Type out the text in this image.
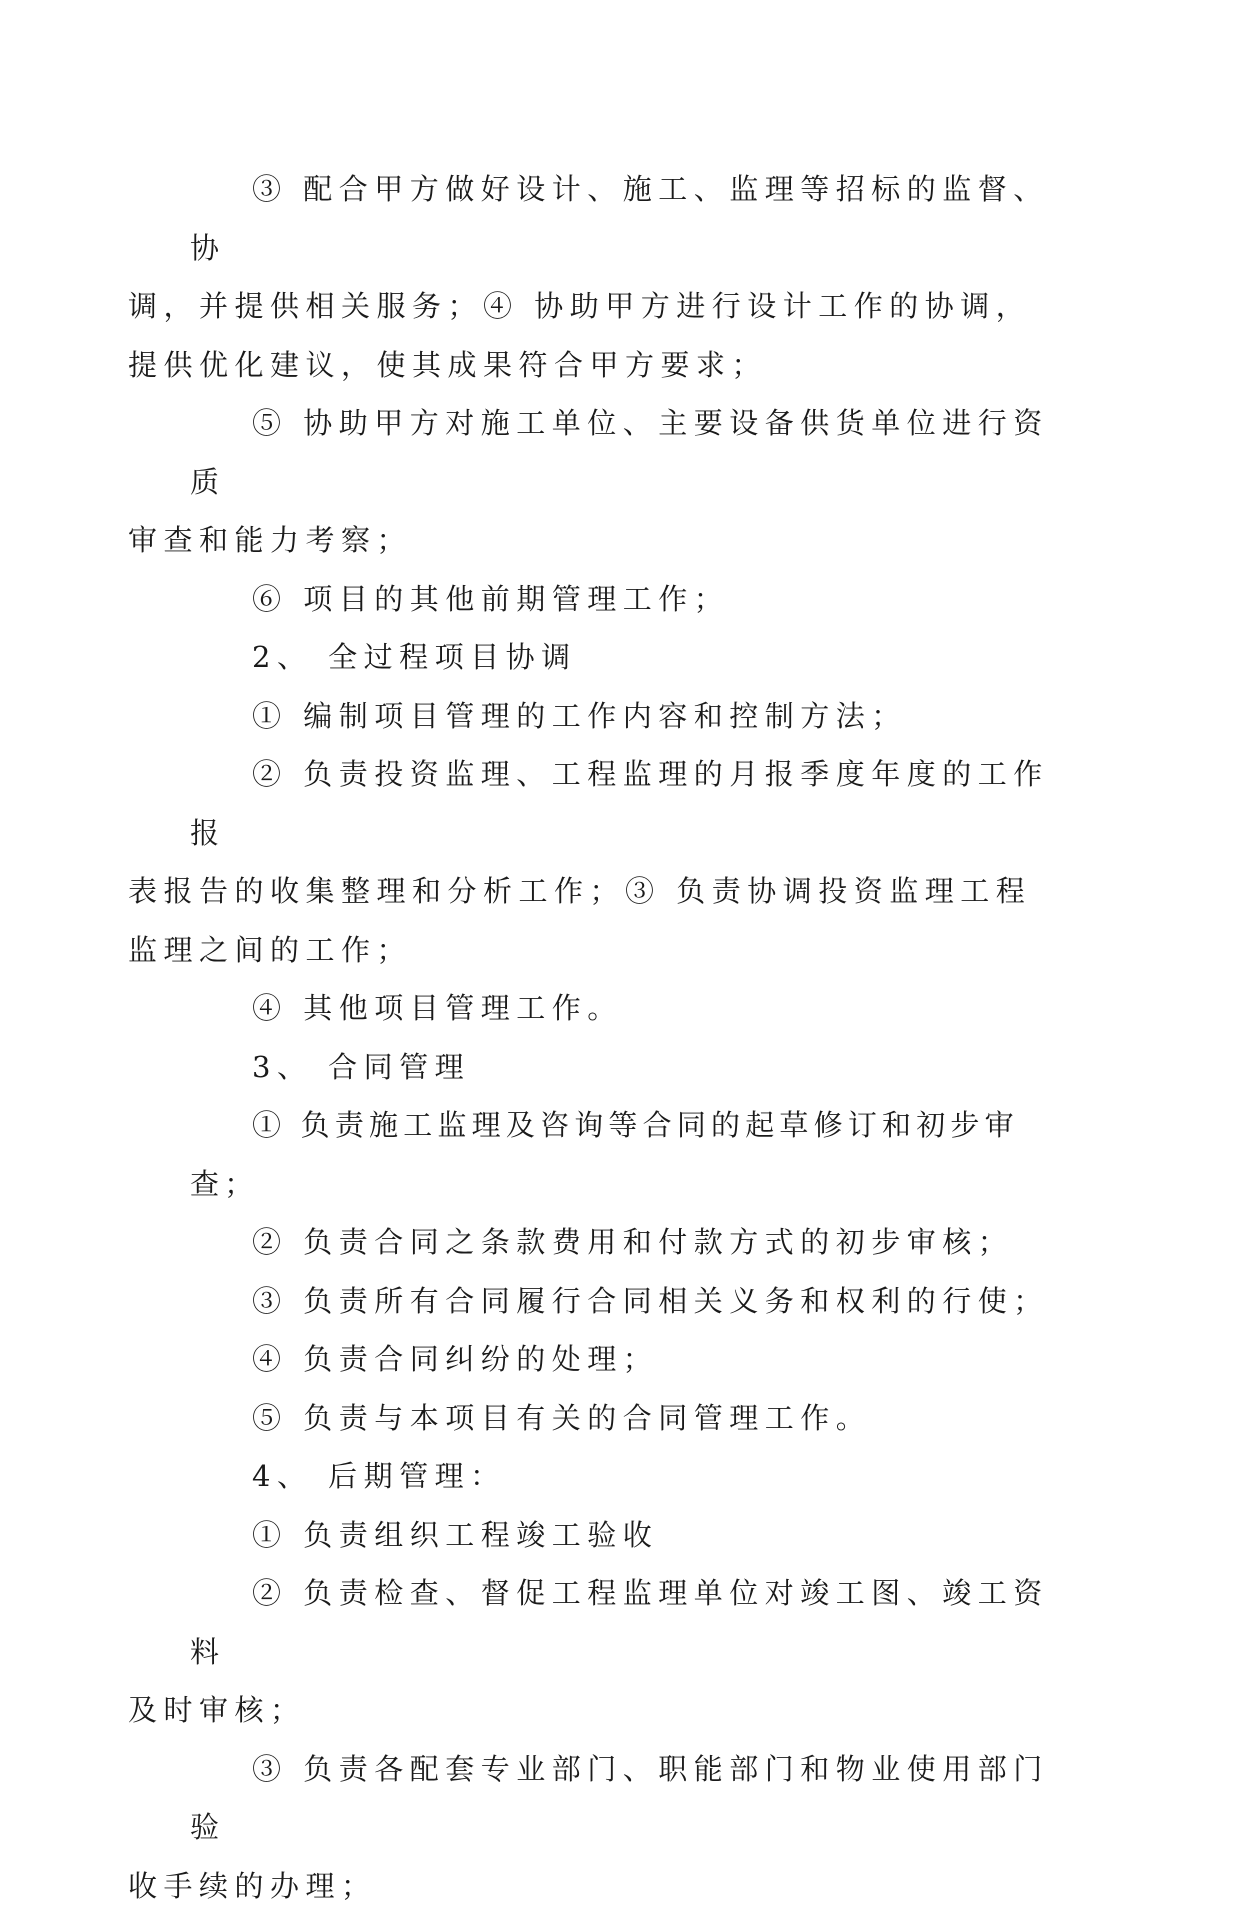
③ 配合甲方做好设计、施工、监理等招标的监督、协
调，并提供相关服务；④ 协助甲方进行设计工作的协调，
提供优化建议，使其成果符合甲方要求；

⑤ 协助甲方对施工单位、主要设备供货单位进行资质
审查和能力考察；

⑥ 项目的其他前期管理工作；

2、 全过程项目协调

① 编制项目管理的工作内容和控制方法；

② 负责投资监理、工程监理的月报季度年度的工作报
表报告的收集整理和分析工作；③ 负责协调投资监理工程
监理之间的工作；

④ 其他项目管理工作。

3、 合同管理

① 负责施工监理及咨询等合同的起草修订和初步审查；

② 负责合同之条款费用和付款方式的初步审核；

③ 负责所有合同履行合同相关义务和权利的行使；

④ 负责合同纠纷的处理；

⑤ 负责与本项目有关的合同管理工作。

4、 后期管理：

① 负责组织工程竣工验收

② 负责检查、督促工程监理单位对竣工图、竣工资料
及时审核；

③ 负责各配套专业部门、职能部门和物业使用部门验
收手续的办理；
